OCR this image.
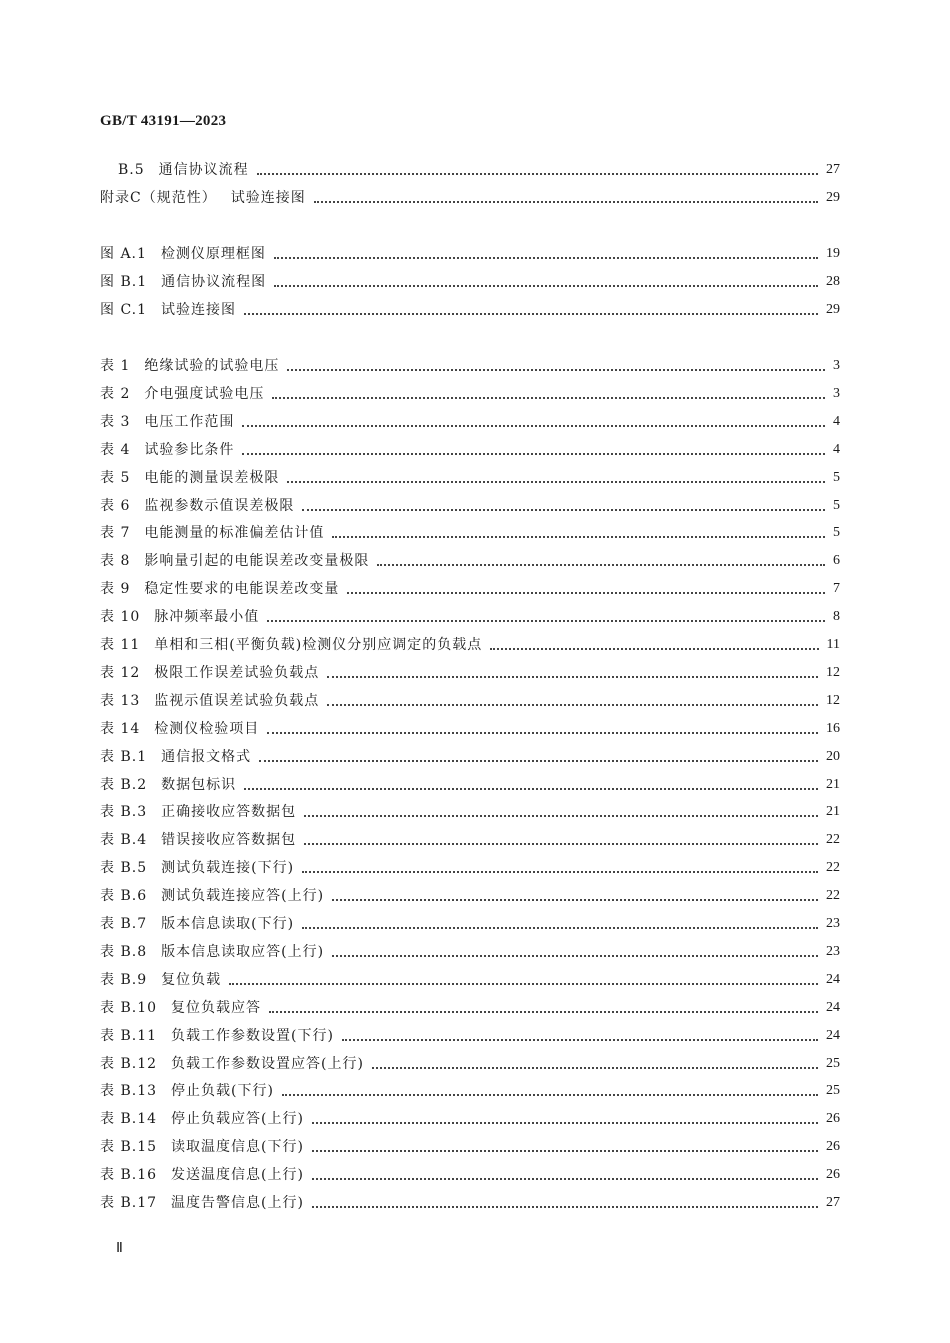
GB/T 43191—2023
B.5 通信协议流程	27
附录C（规范性） 试验连接图	29
图 A.1 检测仪原理框图	19
图 B.1 通信协议流程图	28
图 C.1 试验连接图	29
表 1 绝缘试验的试验电压	3
表 2 介电强度试验电压	3
表 3 电压工作范围	4
表 4 试验参比条件	4
表 5 电能的测量误差极限	5
表 6 监视参数示值误差极限	5
表 7 电能测量的标准偏差估计值	5
表 8 影响量引起的电能误差改变量极限	6
表 9 稳定性要求的电能误差改变量	7
表 10 脉冲频率最小值	8
表 11 单相和三相(平衡负载)检测仪分别应调定的负载点	11
表 12 极限工作误差试验负载点	12
表 13 监视示值误差试验负载点	12
表 14 检测仪检验项目	16
表 B.1 通信报文格式	20
表 B.2 数据包标识	21
表 B.3 正确接收应答数据包	21
表 B.4 错误接收应答数据包	22
表 B.5 测试负载连接(下行)	22
表 B.6 测试负载连接应答(上行)	22
表 B.7 版本信息读取(下行)	23
表 B.8 版本信息读取应答(上行)	23
表 B.9 复位负载	24
表 B.10 复位负载应答	24
表 B.11 负载工作参数设置(下行)	24
表 B.12 负载工作参数设置应答(上行)	25
表 B.13 停止负载(下行)	25
表 B.14 停止负载应答(上行)	26
表 B.15 读取温度信息(下行)	26
表 B.16 发送温度信息(上行)	26
表 B.17 温度告警信息(上行)	27
Ⅱ
